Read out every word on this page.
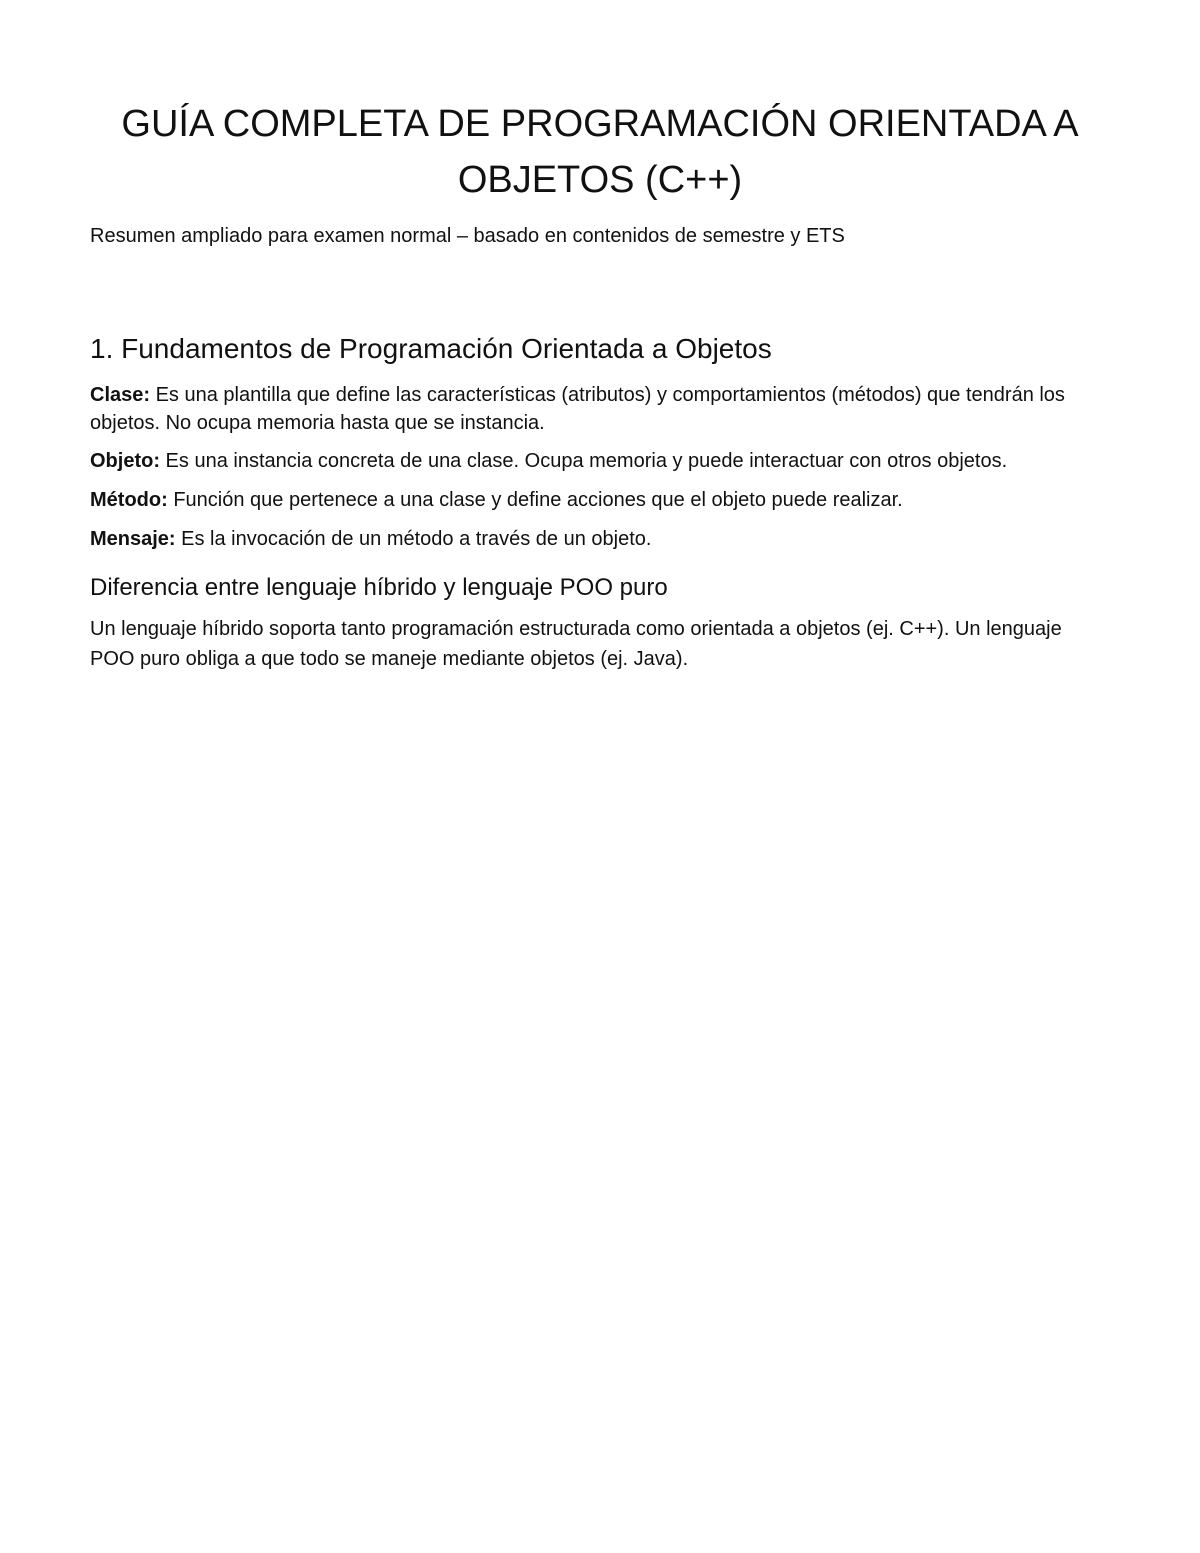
GUÍA COMPLETA DE PROGRAMACIÓN ORIENTADA A OBJETOS (C++)

Resumen ampliado para examen normal – basado en contenidos de semestre y ETS

1. Fundamentos de Programación Orientada a Objetos

Clase: Es una plantilla que define las características (atributos) y comportamientos (métodos) que tendrán los objetos. No ocupa memoria hasta que se instancia.

Objeto: Es una instancia concreta de una clase. Ocupa memoria y puede interactuar con otros objetos.

Método: Función que pertenece a una clase y define acciones que el objeto puede realizar.

Mensaje: Es la invocación de un método a través de un objeto.

Diferencia entre lenguaje híbrido y lenguaje POO puro

Un lenguaje híbrido soporta tanto programación estructurada como orientada a objetos (ej. C++). Un lenguaje POO puro obliga a que todo se maneje mediante objetos (ej. Java).
